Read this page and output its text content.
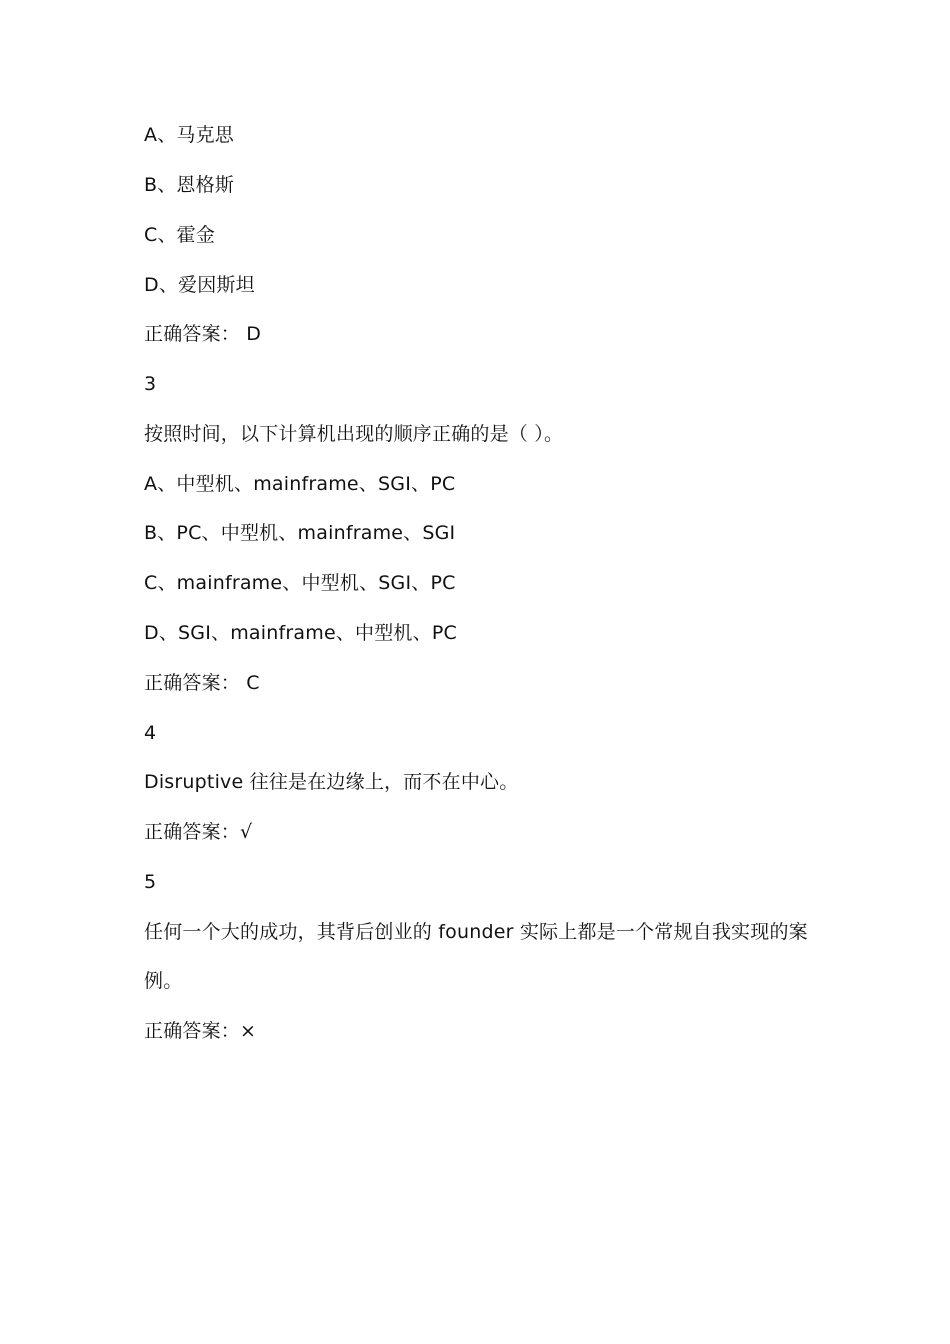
A、马克思
B、恩格斯
C、霍金
D、爱因斯坦
正确答案： D
3
按照时间，以下计算机出现的顺序正确的是（ ）。
A、中型机、mainframe、SGI、PC
B、PC、中型机、mainframe、SGI
C、mainframe、中型机、SGI、PC
D、SGI、mainframe、中型机、PC
正确答案： C
4
Disruptive 往往是在边缘上，而不在中心。
正确答案：√
5
任何一个大的成功，其背后创业的 founder 实际上都是一个常规自我实现的案
例。
正确答案：×
